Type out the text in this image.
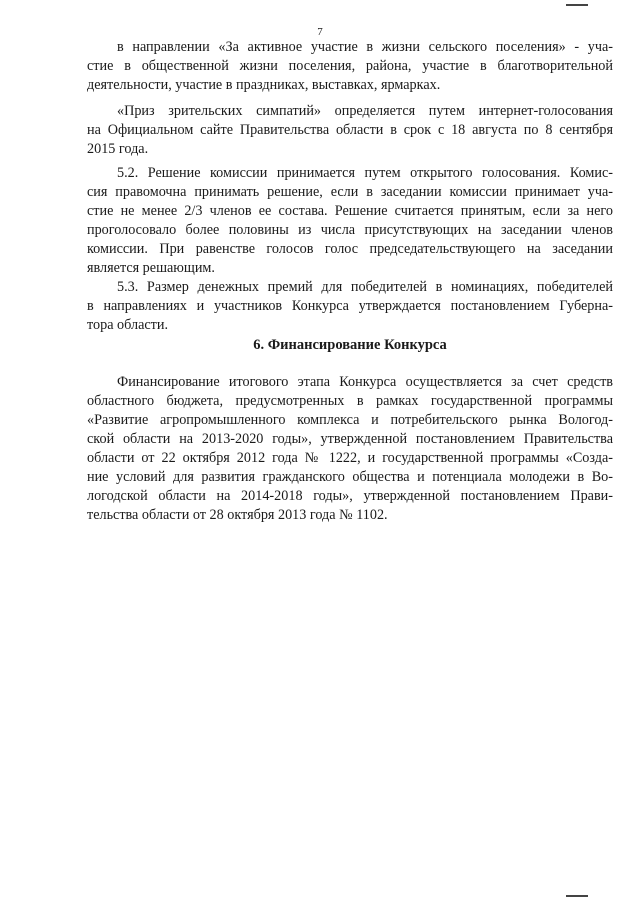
7
в направлении «За активное участие в жизни сельского поселения» - уча-
стие в общественной жизни поселения, района, участие в благотворительной
деятельности, участие в праздниках, выставках, ярмарках.
«Приз зрительских симпатий» определяется путем интернет-голосования
на Официальном сайте Правительства области в срок с 18 августа по 8 сентября
2015 года.
5.2. Решение комиссии принимается путем открытого голосования. Комис-
сия правомочна принимать решение, если в заседании комиссии принимает уча-
стие не менее 2/3 членов ее состава. Решение считается принятым, если за него
проголосовало более половины из числа присутствующих на заседании членов
комиссии. При равенстве голосов голос председательствующего на заседании
является решающим.
5.3. Размер денежных премий для победителей в номинациях, победителей
в направлениях и участников Конкурса утверждается постановлением Губерна-
тора области.
6. Финансирование Конкурса
Финансирование итогового этапа Конкурса осуществляется за счет средств
областного бюджета, предусмотренных в рамках государственной программы
«Развитие агропромышленного комплекса и потребительского рынка Вологод-
ской области на 2013-2020 годы», утвержденной постановлением Правительства
области от 22 октября 2012 года № 1222, и государственной программы «Созда-
ние условий для развития гражданского общества и потенциала молодежи в Во-
логодской области на 2014-2018 годы», утвержденной постановлением Прави-
тельства области от 28 октября 2013 года № 1102.
